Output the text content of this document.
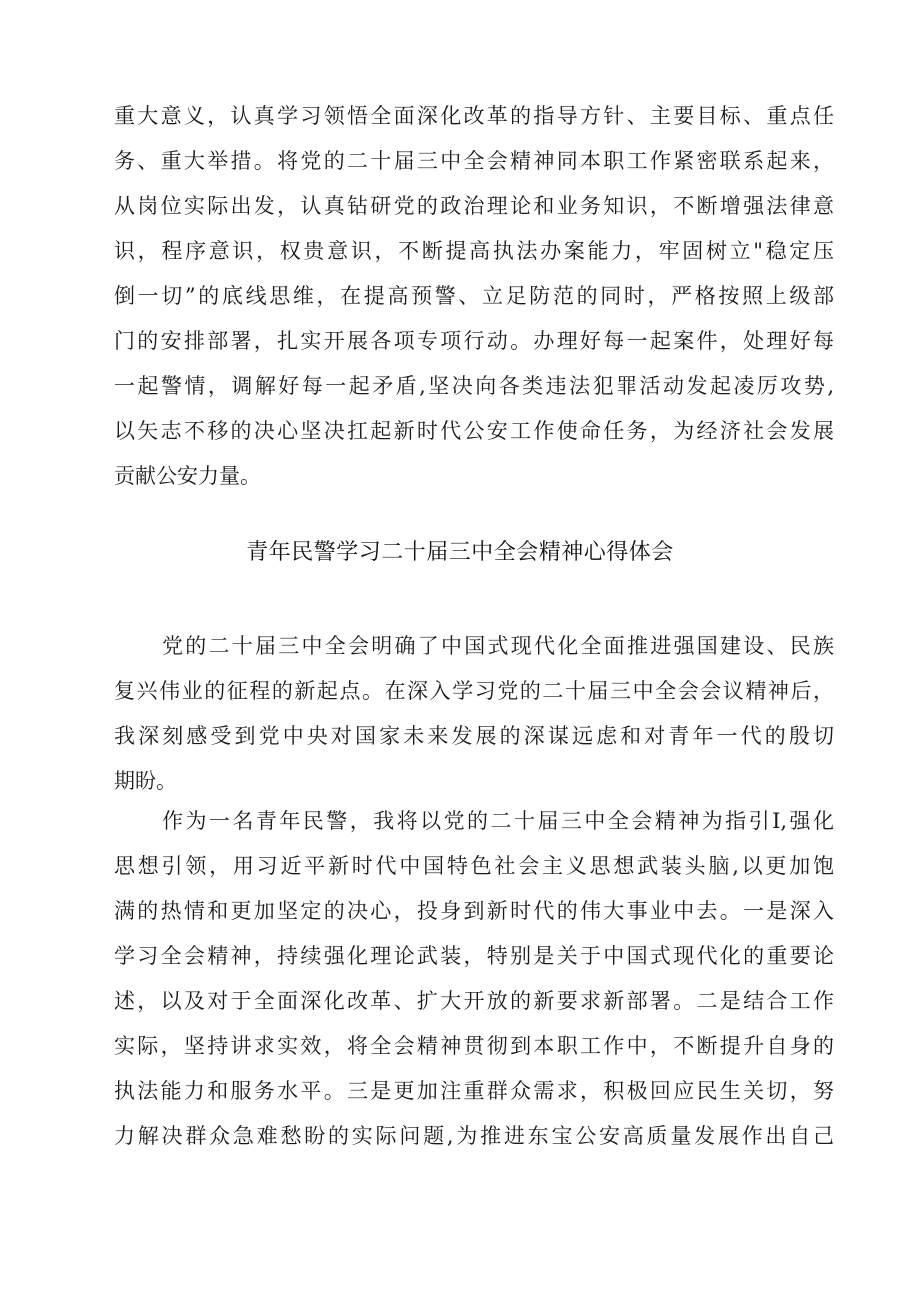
重大意义，认真学习领悟全面深化改革的指导方针、主要目标、重点任
务、重大举措。将党的二十届三中全会精神同本职工作紧密联系起来，
从岗位实际出发，认真钻研党的政治理论和业务知识，不断增强法律意
识，程序意识，权贵意识，不断提高执法办案能力，牢固树立"稳定压
倒一切”的底线思维，在提高预警、立足防范的同时，严格按照上级部
门的安排部署，扎实开展各项专项行动。办理好每一起案件，处理好每
一起警情，调解好每一起矛盾,坚决向各类违法犯罪活动发起凌厉攻势,
以矢志不移的决心坚决扛起新时代公安工作使命任务，为经济社会发展
贡献公安力量。
青年民警学习二十届三中全会精神心得体会
党的二十届三中全会明确了中国式现代化全面推进强国建设、民族
复兴伟业的征程的新起点。在深入学习党的二十届三中全会会议精神后，
我深刻感受到党中央对国家未来发展的深谋远虑和对青年一代的殷切
期盼。
作为一名青年民警，我将以党的二十届三中全会精神为指引I,强化
思想引领，用习近平新时代中国特色社会主义思想武装头脑,以更加饱
满的热情和更加坚定的决心，投身到新时代的伟大事业中去。一是深入
学习全会精神，持续强化理论武装，特别是关于中国式现代化的重要论
述，以及对于全面深化改革、扩大开放的新要求新部署。二是结合工作
实际，坚持讲求实效，将全会精神贯彻到本职工作中，不断提升自身的
执法能力和服务水平。三是更加注重群众需求，积极回应民生关切，努
力解决群众急难愁盼的实际问题,为推进东宝公安高质量发展作出自己
